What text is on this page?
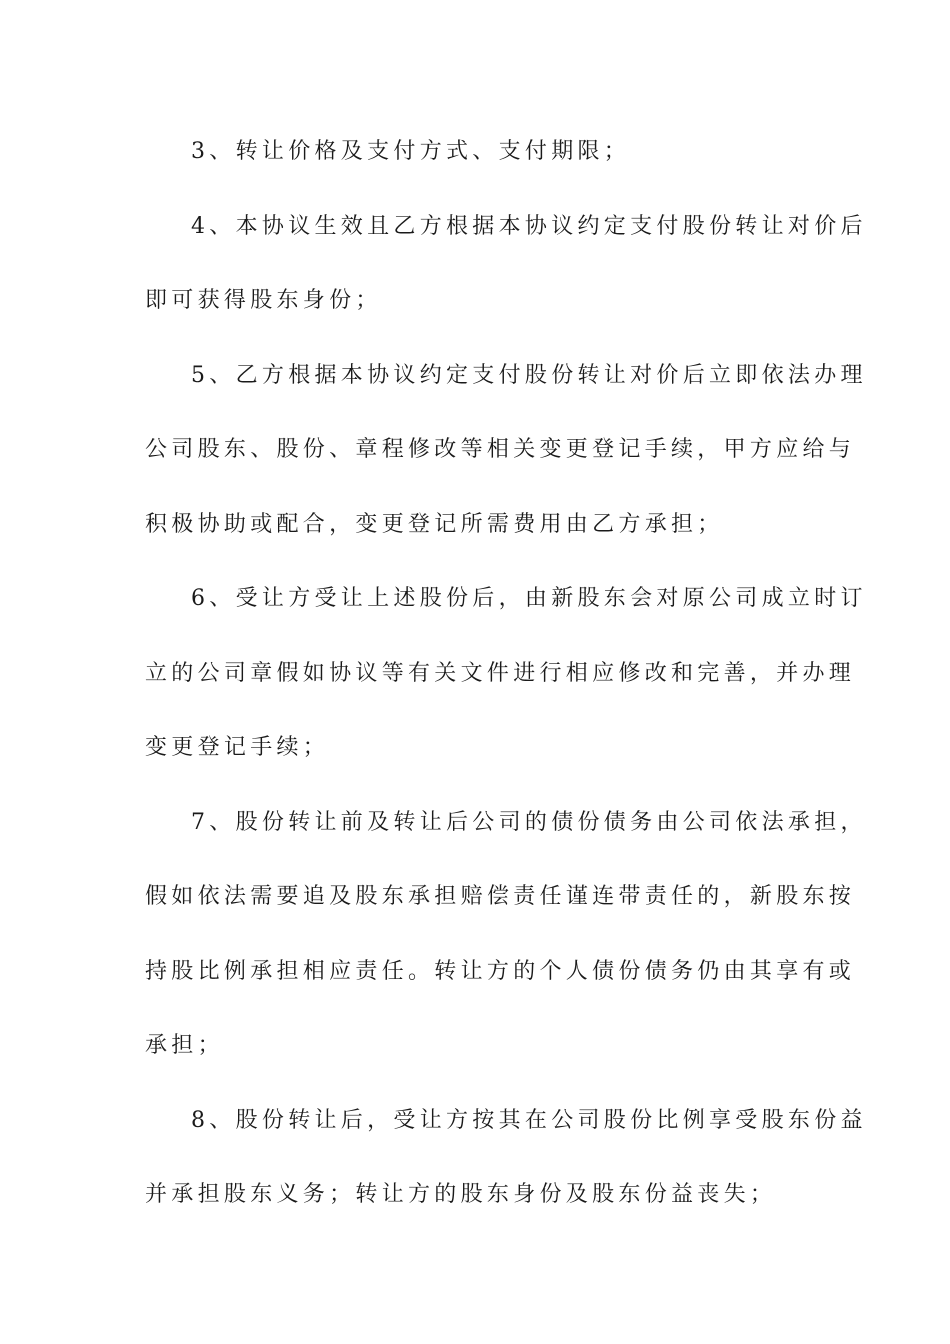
3、转让价格及支付方式、支付期限；
4、本协议生效且乙方根据本协议约定支付股份转让对价后
即可获得股东身份；
5、乙方根据本协议约定支付股份转让对价后立即依法办理
公司股东、股份、章程修改等相关变更登记手续，甲方应给与
积极协助或配合，变更登记所需费用由乙方承担；
6、受让方受让上述股份后，由新股东会对原公司成立时订
立的公司章假如协议等有关文件进行相应修改和完善，并办理
变更登记手续；
7、股份转让前及转让后公司的债份债务由公司依法承担，
假如依法需要追及股东承担赔偿责任谨连带责任的，新股东按
持股比例承担相应责任。转让方的个人债份债务仍由其享有或
承担；
8、股份转让后，受让方按其在公司股份比例享受股东份益
并承担股东义务；转让方的股东身份及股东份益丧失；
